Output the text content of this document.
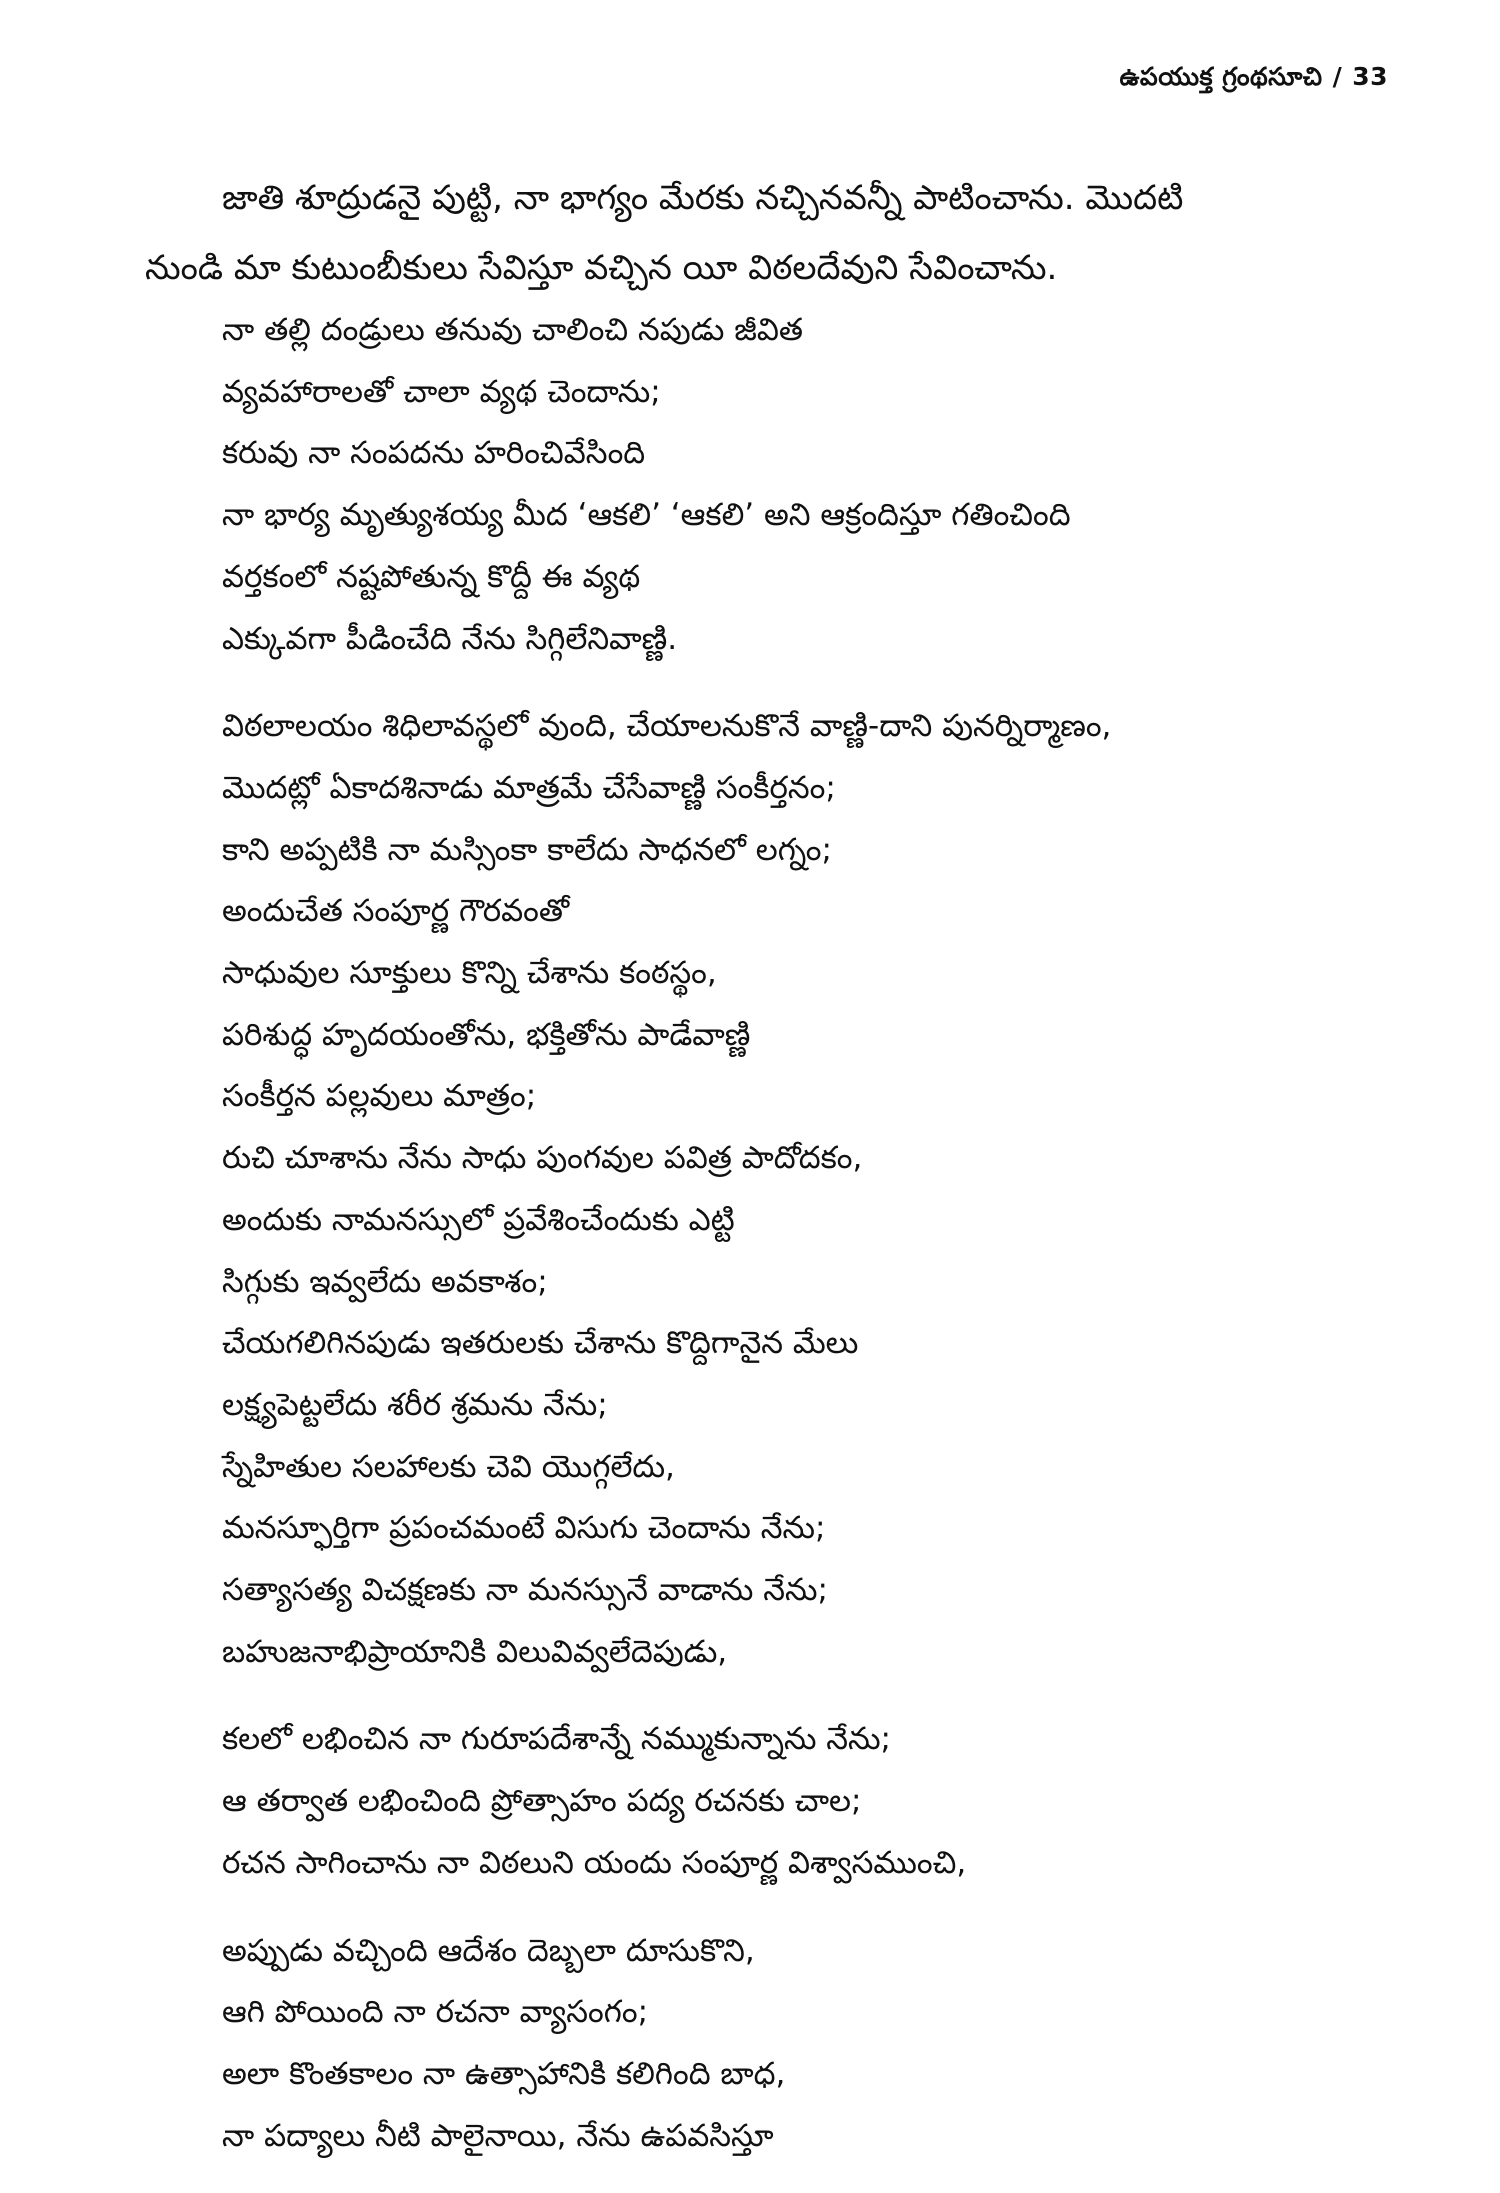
ఉపయుక్త గ్రంథసూచి / 33
జాతి శూద్రుడనై పుట్టి, నా భాగ్యం మేరకు నచ్చినవన్నీ పాటించాను. మొదటి
నుండి మా కుటుంబీకులు సేవిస్తూ వచ్చిన యీ విఠలదేవుని సేవించాను.
నా తల్లి దండ్రులు తనువు చాలించి నపుడు జీవిత
వ్యవహారాలతో చాలా వ్యథ చెందాను;
కరువు నా సంపదను హరించివేసింది
నా భార్య మృత్యుశయ్య మీద ‘ఆకలి’ ‘ఆకలి’ అని ఆక్రందిస్తూ గతించింది
వర్తకంలో నష్టపోతున్న కొద్దీ ఈ వ్యథ
ఎక్కువగా పీడించేది నేను సిగ్గిలేనివాణ్ణి.
విఠలాలయం శిధిలావస్థలో వుంది, చేయాలనుకొనే వాణ్ణి-దాని పునర్నిర్మాణం,
మొదట్లో ఏకాదశినాడు మాత్రమే చేసేవాణ్ణి సంకీర్తనం;
కాని అప్పటికి నా మస్సింకా కాలేదు సాధనలో లగ్నం;
అందుచేత సంపూర్ణ గౌరవంతో
సాధువుల సూక్తులు కొన్ని చేశాను కంఠస్థం,
పరిశుద్ధ హృదయంతోను, భక్తితోను పాడేవాణ్ణి
సంకీర్తన పల్లవులు మాత్రం;
రుచి చూశాను నేను సాధు పుంగవుల పవిత్ర పాదోదకం,
అందుకు నామనస్సులో ప్రవేశించేందుకు ఎట్టి
సిగ్గుకు ఇవ్వలేదు అవకాశం;
చేయగలిగినపుడు ఇతరులకు చేశాను కొద్దిగానైన మేలు
లక్ష్యపెట్టలేదు శరీర శ్రమను నేను;
స్నేహితుల సలహాలకు చెవి యొగ్గలేదు,
మనస్ఫూర్తిగా ప్రపంచమంటే విసుగు చెందాను నేను;
సత్యాసత్య విచక్షణకు నా మనస్సునే వాడాను నేను;
బహుజనాభిప్రాయానికి విలువివ్వలేదెపుడు,
కలలో లభించిన నా గురూపదేశాన్నే నమ్ముకున్నాను నేను;
ఆ తర్వాత లభించింది ప్రోత్సాహం పద్య రచనకు చాల;
రచన సాగించాను నా విఠలుని యందు సంపూర్ణ విశ్వాసముంచి,
అప్పుడు వచ్చింది ఆదేశం దెబ్బలా దూసుకొని,
ఆగి పోయింది నా రచనా వ్యాసంగం;
అలా కొంతకాలం నా ఉత్సాహానికి కలిగింది బాధ,
నా పద్యాలు నీటి పాలైనాయి, నేను ఉపవసిస్తూ
